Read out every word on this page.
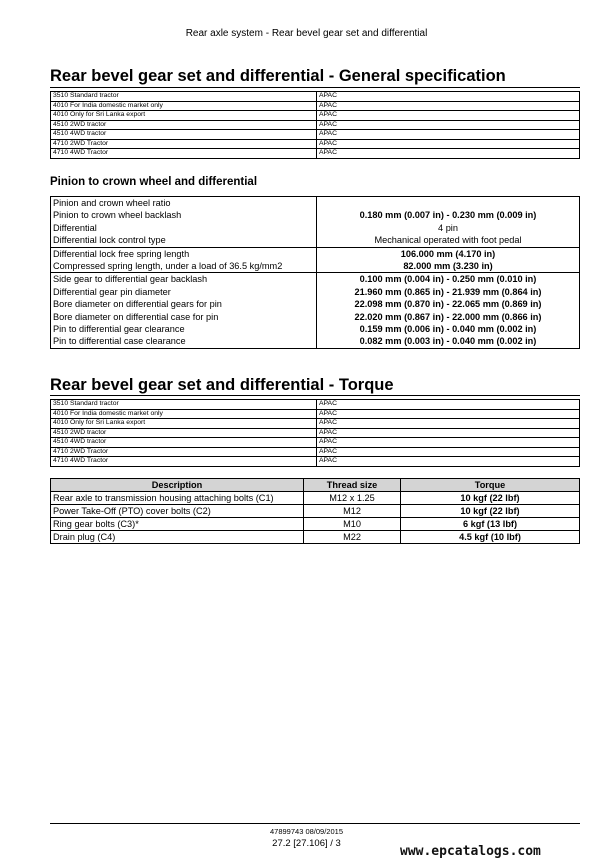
Rear axle system - Rear bevel gear set and differential
Rear bevel gear set and differential - General specification
3510 Standard tractor	APAC
4010 For India domestic market only	APAC
4010 Only for Sri Lanka export	APAC
4510 2WD tractor	APAC
4510 4WD tractor	APAC
4710 2WD Tractor	APAC
4710 4WD Tractor	APAC
Pinion to crown wheel and differential
Pinion and crown wheel ratio	
Pinion to crown wheel backlash	0.180 mm (0.007 in) - 0.230 mm (0.009 in)
Differential	4 pin
Differential lock control type	Mechanical operated with foot pedal
Differential lock free spring length	106.000 mm (4.170 in)
Compressed spring length, under a load of 36.5 kg/mm2	82.000 mm (3.230 in)
Side gear to differential gear backlash	0.100 mm (0.004 in) - 0.250 mm (0.010 in)
Differential gear pin diameter	21.960 mm (0.865 in) - 21.939 mm (0.864 in)
Bore diameter on differential gears for pin	22.098 mm (0.870 in) - 22.065 mm (0.869 in)
Bore diameter on differential case for pin	22.020 mm (0.867 in) - 22.000 mm (0.866 in)
Pin to differential gear clearance	0.159 mm (0.006 in) - 0.040 mm (0.002 in)
Pin to differential case clearance	0.082 mm (0.003 in) - 0.040 mm (0.002 in)
Rear bevel gear set and differential - Torque
3510 Standard tractor	APAC
4010 For India domestic market only	APAC
4010 Only for Sri Lanka export	APAC
4510 2WD tractor	APAC
4510 4WD tractor	APAC
4710 2WD Tractor	APAC
4710 4WD Tractor	APAC
Description	Thread size	Torque
Rear axle to transmission housing attaching bolts (C1)	M12 x 1.25	10 kgf (22 lbf)
Power Take-Off (PTO) cover bolts (C2)	M12	10 kgf (22 lbf)
Ring gear bolts (C3)*	M10	6 kgf (13 lbf)
Drain plug (C4)	M22	4.5 kgf (10 lbf)
47899743 08/09/2015
27.2 [27.106] / 3
www.epcatalogs.com
